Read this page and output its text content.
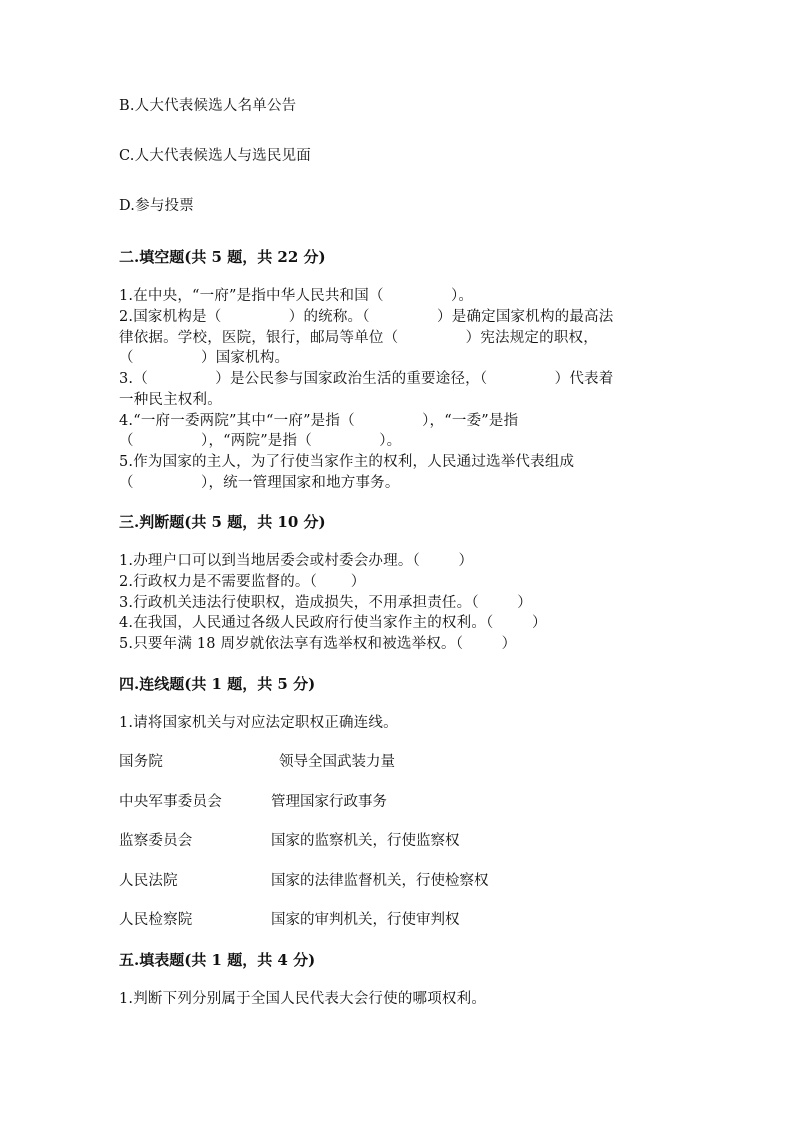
B.人大代表候选人名单公告
C.人大代表候选人与选民见面
D.参与投票
二.填空题(共 5 题，共 22 分)
1.在中央，“一府”是指中华人民共和国（              ）。
2.国家机构是（              ）的统称。（              ）是确定国家机构的最高法
律依据。学校，医院，银行，邮局等单位（              ）宪法规定的职权，
（              ）国家机构。
3.（              ）是公民参与国家政治生活的重要途径，（              ）代表着
一种民主权利。
4.“一府一委两院”其中“一府”是指（              ），“一委”是指
（              ），“两院”是指（              ）。
5.作为国家的主人，为了行使当家作主的权利，人民通过选举代表组成
（              ），统一管理国家和地方事务。
三.判断题(共 5 题，共 10 分)
1.办理户口可以到当地居委会或村委会办理。（        ）
2.行政权力是不需要监督的。（       ）
3.行政机关违法行使职权，造成损失，不用承担责任。（        ）
4.在我国，人民通过各级人民政府行使当家作主的权利。（        ）
5.只要年满 18 周岁就依法享有选举权和被选举权。（        ）
四.连线题(共 1 题，共 5 分)
1.请将国家机关与对应法定职权正确连线。
国务院	领导全国武装力量
中央军事委员会	管理国家行政事务
监察委员会	国家的监察机关，行使监察权
人民法院	国家的法律监督机关，行使检察权
人民检察院	国家的审判机关，行使审判权
五.填表题(共 1 题，共 4 分)
1.判断下列分别属于全国人民代表大会行使的哪项权利。
